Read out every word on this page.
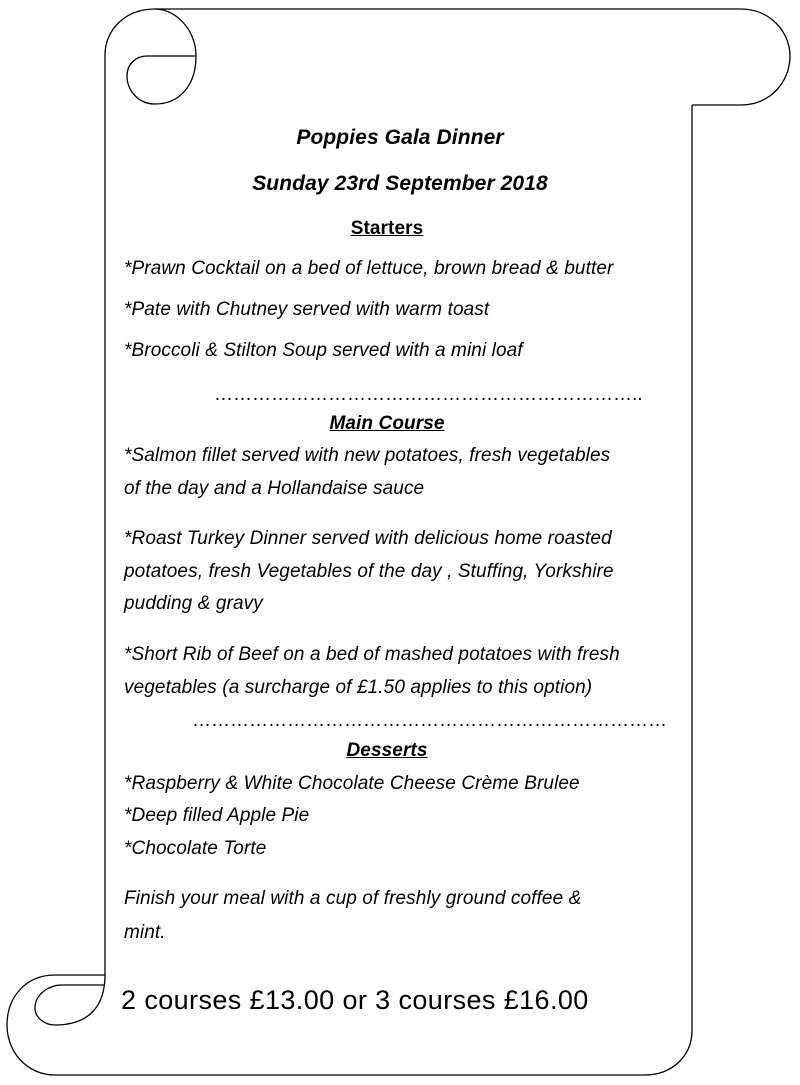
Poppies Gala Dinner
Sunday 23rd September 2018
Starters
*Prawn Cocktail on a bed of lettuce, brown bread & butter
*Pate with Chutney served with warm toast
*Broccoli & Stilton Soup served with a mini loaf
…………………………………………………………..
Main Course
*Salmon fillet served with new potatoes, fresh vegetables
of the day and a Hollandaise sauce
*Roast Turkey Dinner served with delicious home roasted
potatoes, fresh Vegetables of the day , Stuffing, Yorkshire
pudding & gravy
*Short Rib of Beef on a bed of mashed potatoes with fresh
vegetables (a surcharge of £1.50 applies to this option)
…………………………………………………………………
Desserts
*Raspberry & White Chocolate Cheese Crème Brulee
*Deep filled Apple Pie
*Chocolate Torte
Finish your meal with a cup of freshly ground coffee &
mint.
2 courses £13.00 or 3 courses £16.00
